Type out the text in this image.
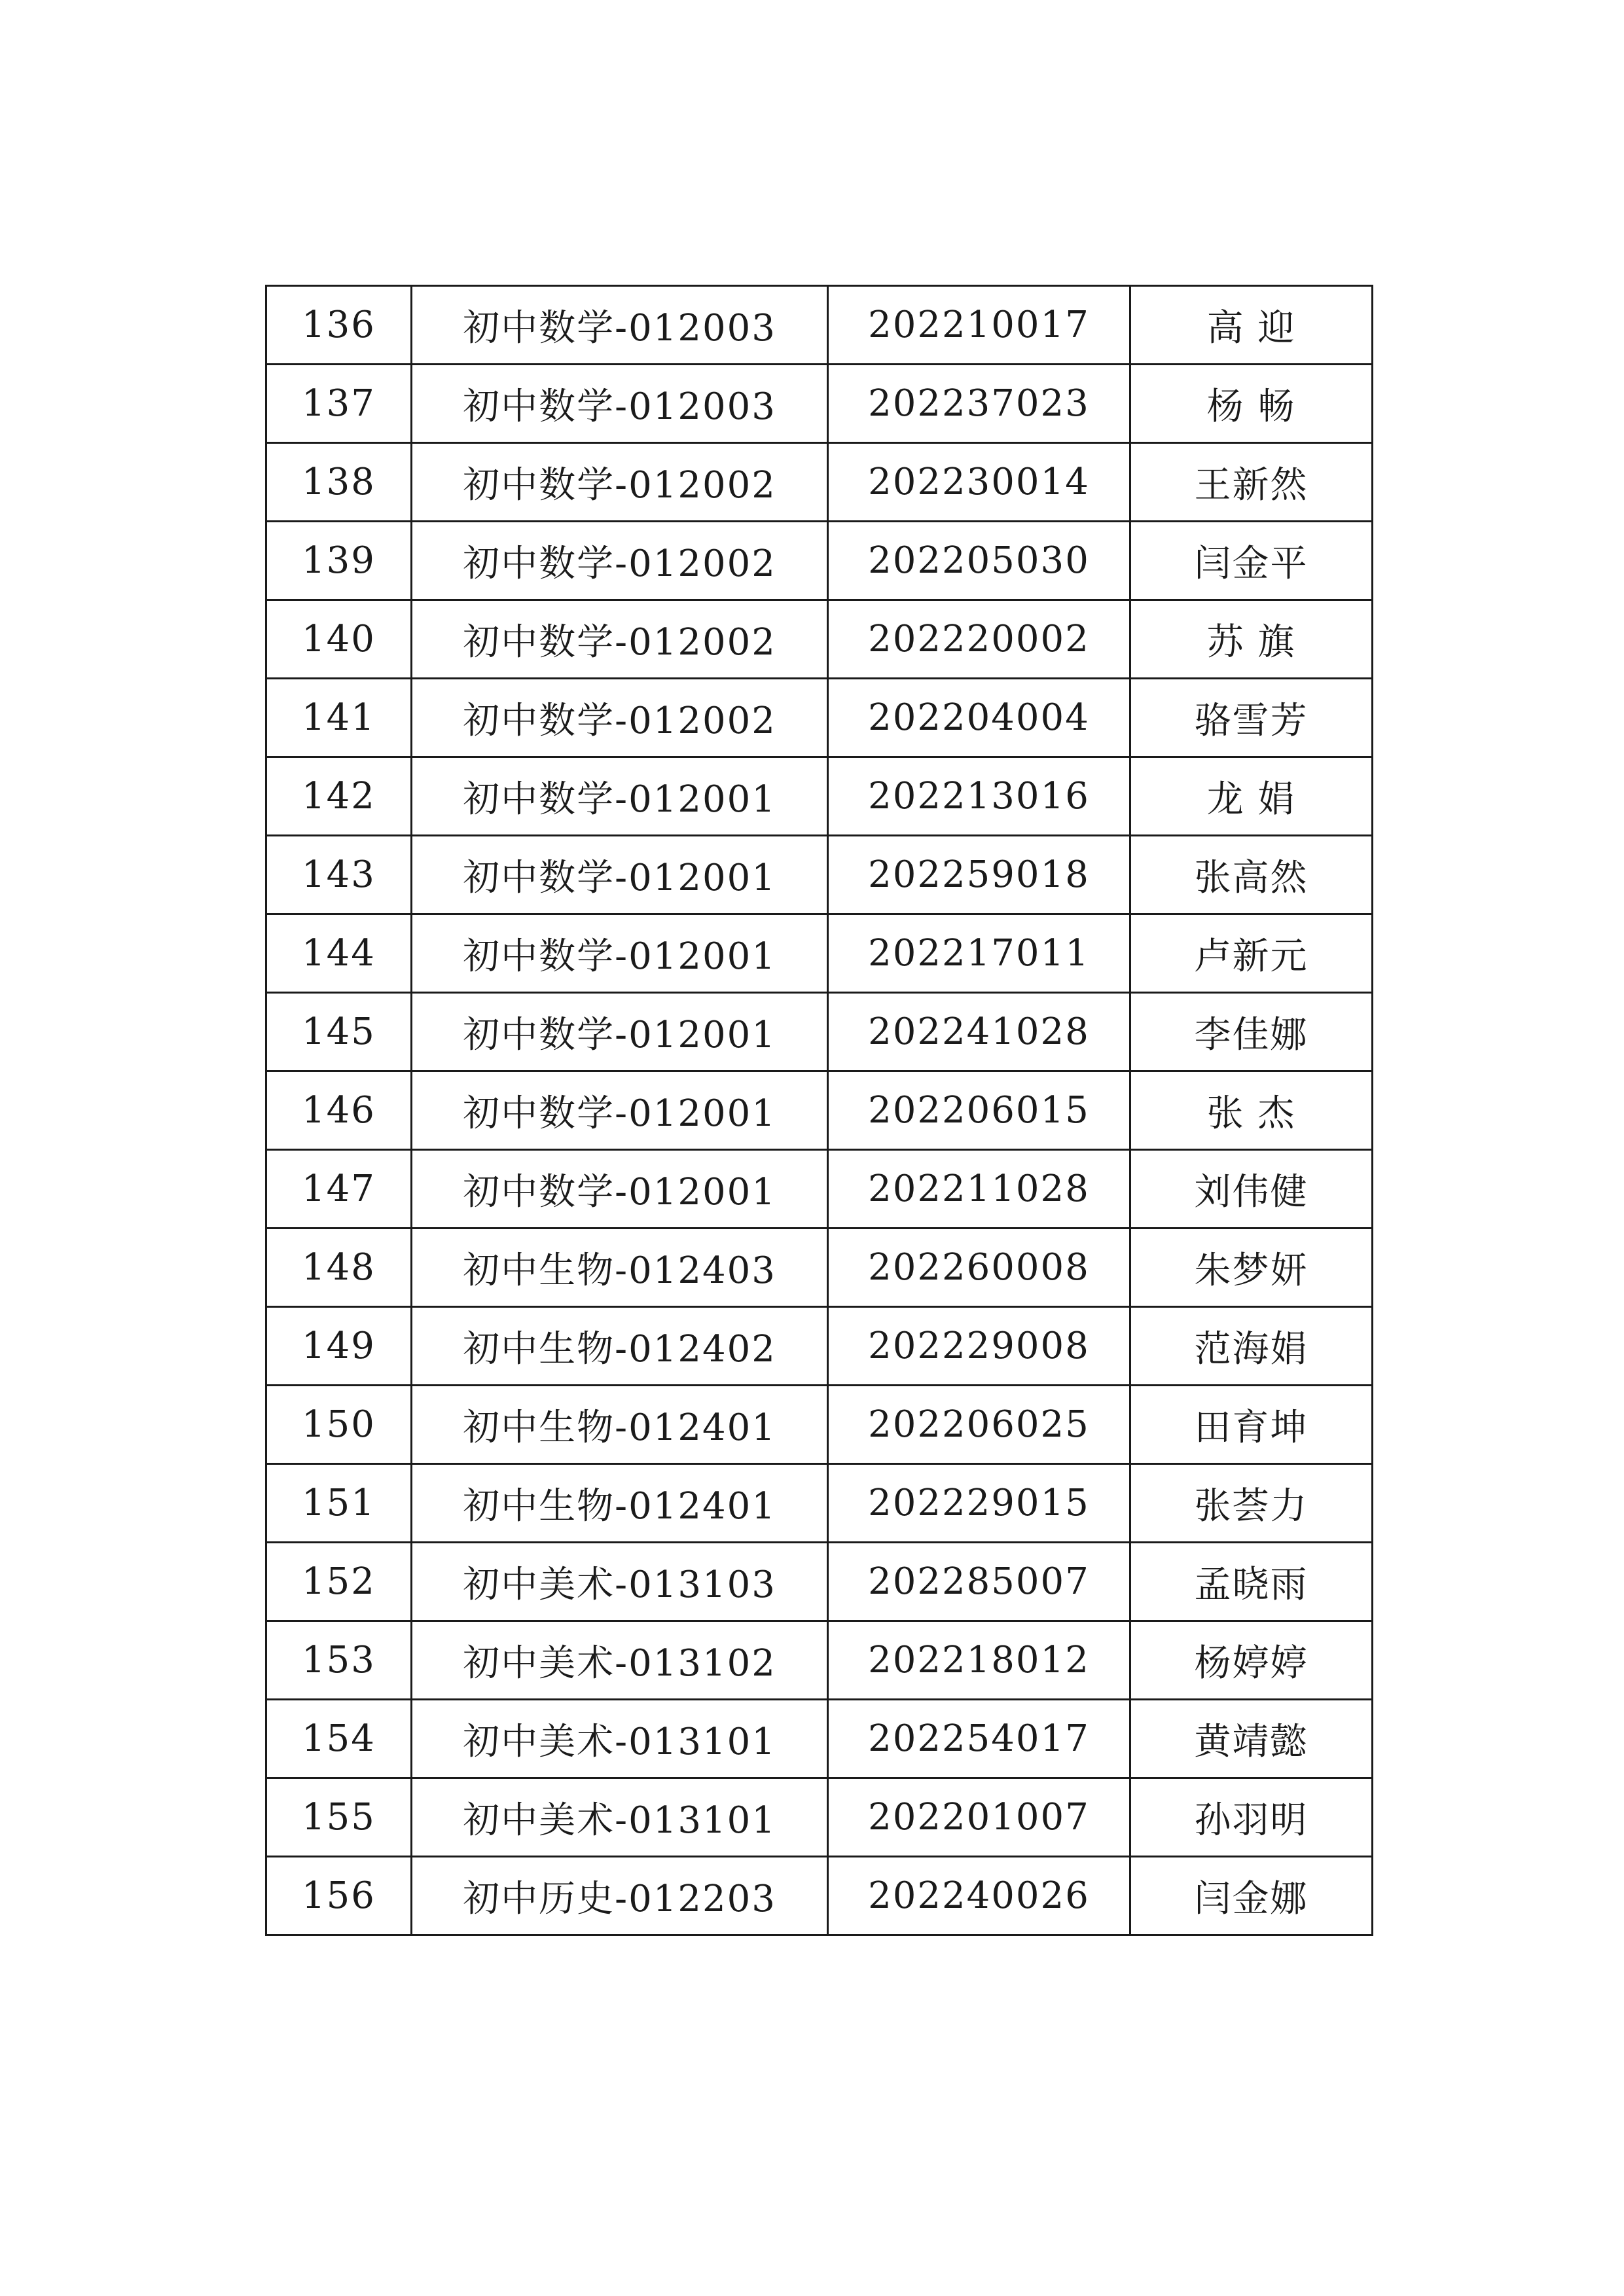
136	初中数学-012003	202210017	高 迎
137	初中数学-012003	202237023	杨 畅
138	初中数学-012002	202230014	王新然
139	初中数学-012002	202205030	闫金平
140	初中数学-012002	202220002	苏 旗
141	初中数学-012002	202204004	骆雪芳
142	初中数学-012001	202213016	龙 娟
143	初中数学-012001	202259018	张高然
144	初中数学-012001	202217011	卢新元
145	初中数学-012001	202241028	李佳娜
146	初中数学-012001	202206015	张 杰
147	初中数学-012001	202211028	刘伟健
148	初中生物-012403	202260008	朱梦妍
149	初中生物-012402	202229008	范海娟
150	初中生物-012401	202206025	田育坤
151	初中生物-012401	202229015	张荟力
152	初中美术-013103	202285007	孟晓雨
153	初中美术-013102	202218012	杨婷婷
154	初中美术-013101	202254017	黄靖懿
155	初中美术-013101	202201007	孙羽明
156	初中历史-012203	202240026	闫金娜
